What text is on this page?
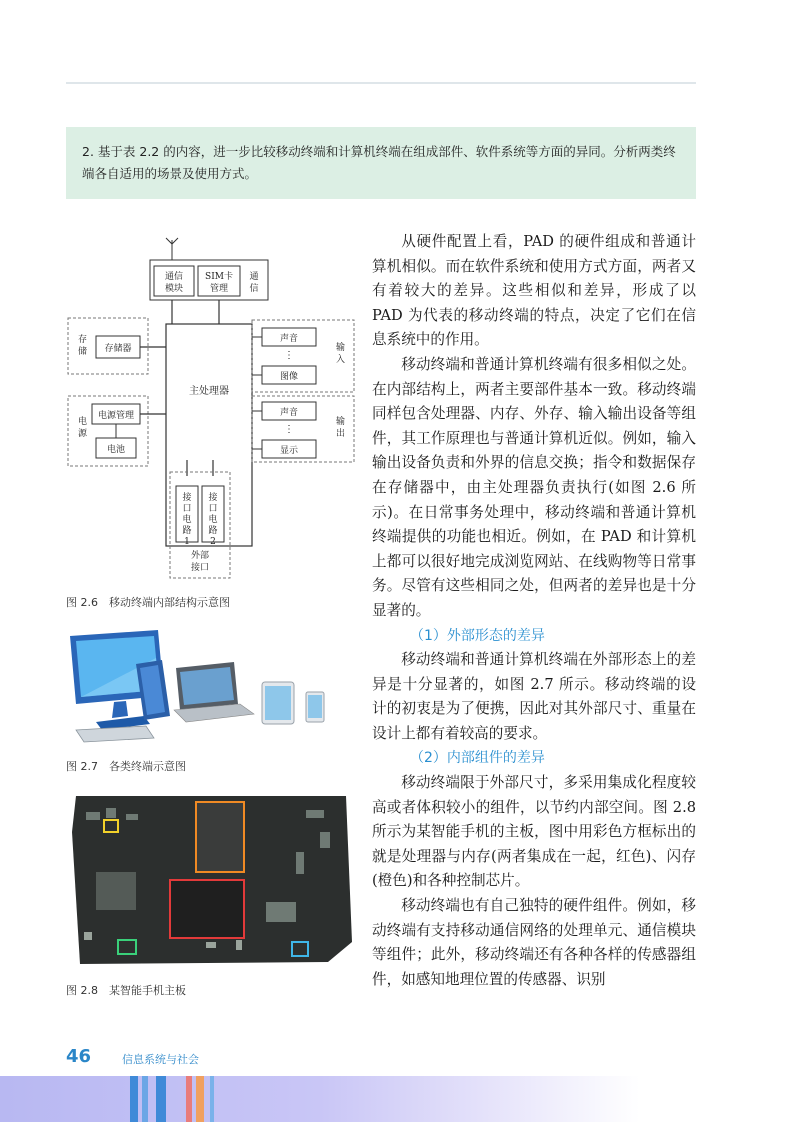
2. 基于表 2.2 的内容，进一步比较移动终端和计算机终端在组成部件、软件系统等方面的异同。分析两类终端各自适用的场景及使用方式。

通信模块
SIM卡管理
通信
主处理器
存储 存储器
电源
电源管理
电池
声音
⋮
图像
输入
声音
⋮
显示
输出
接口电路 1
接口电路 2
外部接口
图 2.6　移动终端内部结构示意图
图 2.7　各类终端示意图
图 2.8　某智能手机主板

从硬件配置上看，PAD 的硬件组成和普通计算机相似。而在软件系统和使用方式方面，两者又有着较大的差异。这些相似和差异，形成了以 PAD 为代表的移动终端的特点，决定了它们在信息系统中的作用。

移动终端和普通计算机终端有很多相似之处。在内部结构上，两者主要部件基本一致。移动终端同样包含处理器、内存、外存、输入输出设备等组件，其工作原理也与普通计算机近似。例如，输入输出设备负责和外界的信息交换；指令和数据保存在存储器中，由主处理器负责执行(如图 2.6 所示)。在日常事务处理中，移动终端和普通计算机终端提供的功能也相近。例如，在 PAD 和计算机上都可以很好地完成浏览网站、在线购物等日常事务。尽管有这些相同之处，但两者的差异也是十分显著的。

（1）外部形态的差异

移动终端和普通计算机终端在外部形态上的差异是十分显著的，如图 2.7 所示。移动终端的设计的初衷是为了便携，因此对其外部尺寸、重量在设计上都有着较高的要求。

（2）内部组件的差异

移动终端限于外部尺寸，多采用集成化程度较高或者体积较小的组件，以节约内部空间。图 2.8 所示为某智能手机的主板，图中用彩色方框标出的就是处理器与内存(两者集成在一起，红色)、闪存(橙色)和各种控制芯片。

移动终端也有自己独特的硬件组件。例如，移动终端有支持移动通信网络的处理单元、通信模块等组件；此外，移动终端还有各种各样的传感器组件，如感知地理位置的传感器、识别

46	信息系统与社会
